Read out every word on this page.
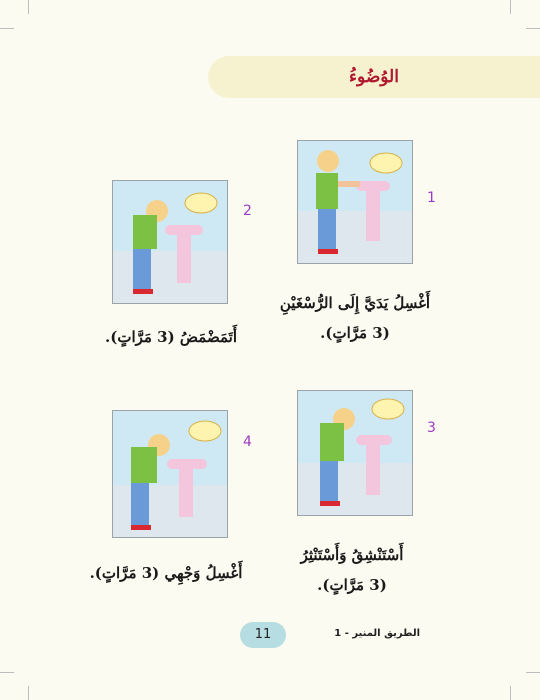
الوُضُوءُ
1
أَغْسِلُ يَدَيَّ إِلَى الرُّسْغَيْنِ
(3 مَرَّاتٍ).
2
أَتَمَضْمَضُ (3 مَرَّاتٍ).
3
أَسْتَنْشِقُ وَأَسْتَنْثِرُ
(3 مَرَّاتٍ).
4
أَغْسِلُ وَجْهِي (3 مَرَّاتٍ).
11	الطريق المنير - 1
